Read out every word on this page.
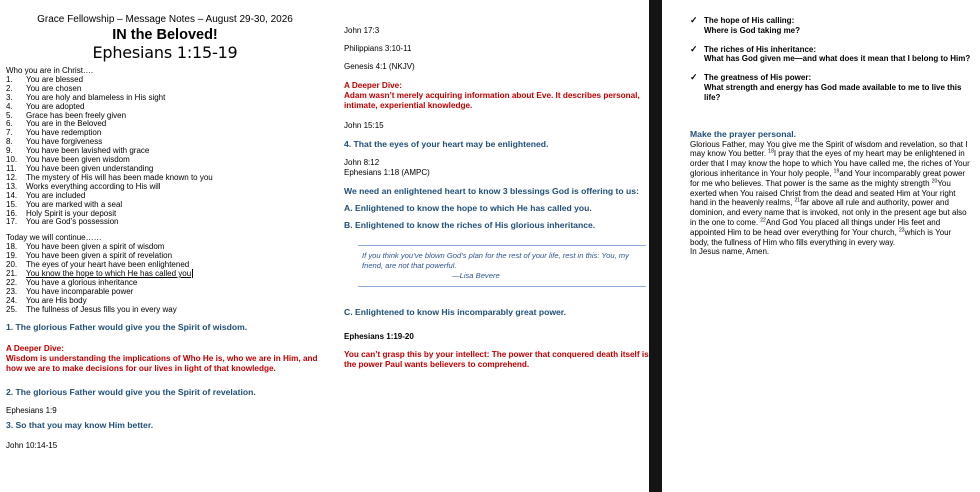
Grace Fellowship – Message Notes – August 29-30, 2026

IN the Beloved!

Ephesians 1:15-19

Who you are in Christ….

1. You are blessed
2. You are chosen
3. You are holy and blameless in His sight
4. You are adopted
5. Grace has been freely given
6. You are in the Beloved
7. You have redemption
8. You have forgiveness
9. You have been lavished with grace
10. You have been given wisdom
11. You have been given understanding
12. The mystery of His will has been made known to you
13. Works everything according to His will
14. You are included
15. You are marked with a seal
16. Holy Spirit is your deposit
17. You are God’s possession

Today we will continue……

18. You have been given a spirit of wisdom
19. You have been given a spirit of revelation
20. The eyes of your heart have been enlightened
21. You know the hope to which He has called you
22. You have a glorious inheritance
23. You have incomparable power
24. You are His body
25. The fullness of Jesus fills you in every way

1. The glorious Father would give you the Spirit of wisdom.

A Deeper Dive:

Wisdom is understanding the implications of Who He is, who we are in Him, and how we are to make decisions for our lives in light of that knowledge.

2. The glorious Father would give you the Spirit of revelation.

Ephesians 1:9

3. So that you may know Him better.

John 10:14-15

John 17:3

Philippians 3:10-11

Genesis 4:1 (NKJV)

A Deeper Dive:

Adam wasn’t merely acquiring information about Eve. It describes personal, intimate, experiential knowledge.

John 15:15

4. That the eyes of your heart may be enlightened.

John 8:12

Ephesians 1:18 (AMPC)

We need an enlightened heart to know 3 blessings God is offering to us:

A. Enlightened to know the hope to which He has called you.

B. Enlightened to know the riches of His glorious inheritance.

If you think you’ve blown God’s plan for the rest of your life, rest in this: You, my friend, are not that powerful.

—Lisa Bevere

C. Enlightened to know His incomparably great power.

Ephesians 1:19-20

You can’t grasp this by your intellect: The power that conquered death itself is the power Paul wants believers to comprehend.

✓ The hope of His calling:
Where is God taking me?
✓ The riches of His inheritance:
What has God given me—and what does it mean that I belong to Him?
✓ The greatness of His power:
What strength and energy has God made available to me to live this life?

Make the prayer personal.

Glorious Father, may You give me the Spirit of wisdom and revelation, so that I may know You better. $^{18}$I pray that the eyes of my heart may be enlightened in order that I may know the hope to which You have called me, the riches of Your glorious inheritance in Your holy people, $^{19}$and Your incomparably great power for me who believes. That power is the same as the mighty strength $^{20}$You exerted when You raised Christ from the dead and seated Him at Your right hand in the heavenly realms, $^{21}$far above all rule and authority, power and dominion, and every name that is invoked, not only in the present age but also in the one to come. $^{22}$And God You placed all things under His feet and appointed Him to be head over everything for Your church, $^{23}$which is Your body, the fullness of Him who fills everything in every way.

In Jesus name, Amen.
